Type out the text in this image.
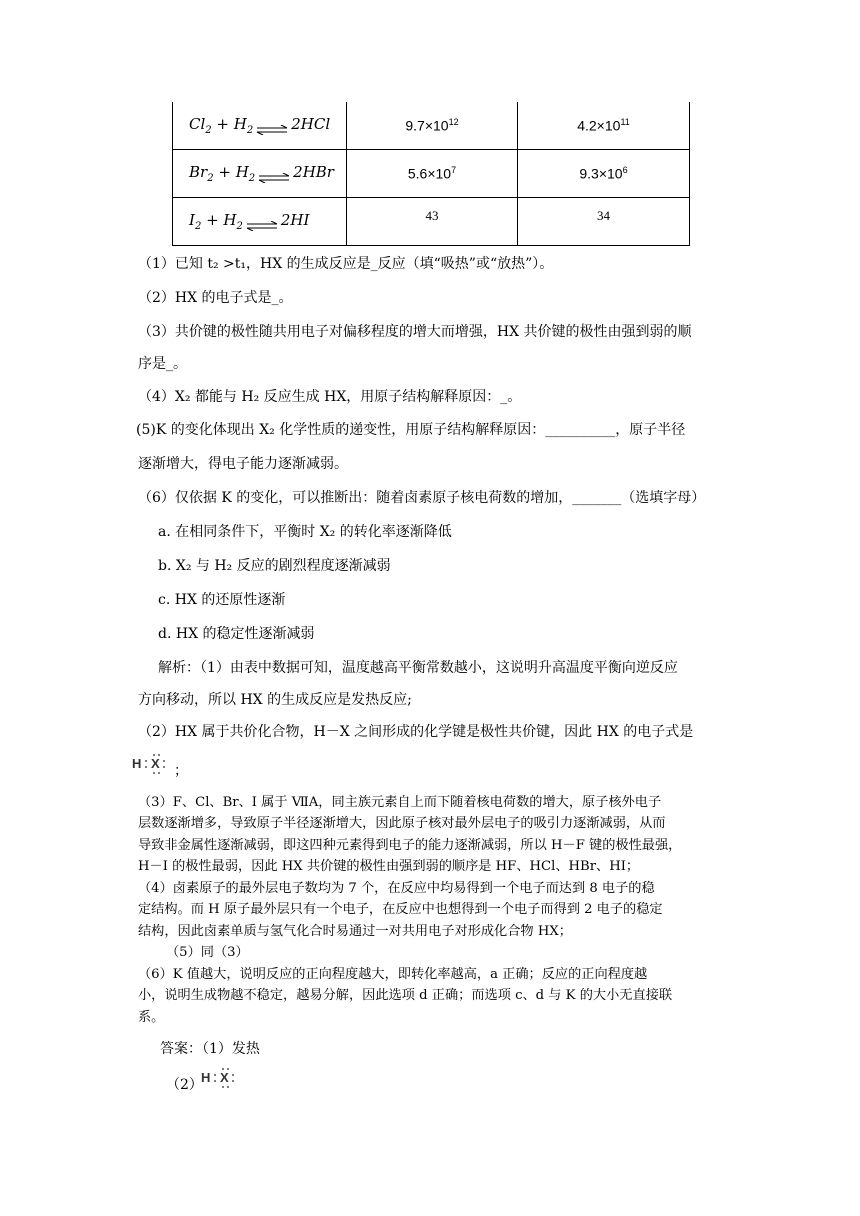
$Cl_2 + H_2$ ⇌ 2HCl	$9.7\times 10^{12}$	$4.2\times 10^{11}$
$Br_2 + H_2$ ⇌ 2HBr	$5.6\times 10^7$	$9.3\times 10^6$
$I_2 + H_2$ ⇌ 2HI	43	34
（1）已知 t₂ >t₁，HX 的生成反应是_反应（填“吸热”或“放热”）。
（2）HX 的电子式是_。
（3）共价键的极性随共用电子对偏移程度的增大而增强，HX 共价键的极性由强到弱的顺
序是_。
（4）X₂ 都能与 H₂ 反应生成 HX，用原子结构解释原因：_。
(5)K 的变化体现出 X₂ 化学性质的递变性，用原子结构解释原因：__________，原子半径
逐渐增大，得电子能力逐渐减弱。
（6）仅依据 K 的变化，可以推断出：随着卤素原子核电荷数的增加，_______（选填字母）
a. 在相同条件下，平衡时 X₂ 的转化率逐渐降低
b. X₂ 与 H₂ 反应的剧烈程度逐渐减弱
c. HX 的还原性逐渐
d. HX 的稳定性逐渐减弱
解析：（1）由表中数据可知，温度越高平衡常数越小，这说明升高温度平衡向逆反应
方向移动，所以 HX 的生成反应是发热反应;
（2）HX 属于共价化合物，H－X 之间形成的化学键是极性共价键，因此 HX 的电子式是
H X ；
（3）F、Cl、Br、I 属于 ⅦA，同主族元素自上而下随着核电荷数的增大，原子核外电子
层数逐渐增多，导致原子半径逐渐增大，因此原子核对最外层电子的吸引力逐渐减弱，从而
导致非金属性逐渐减弱，即这四种元素得到电子的能力逐渐减弱，所以 H－F 键的极性最强，
H－I 的极性最弱，因此 HX 共价键的极性由强到弱的顺序是 HF、HCl、HBr、HI；
（4）卤素原子的最外层电子数均为 7 个，在反应中均易得到一个电子而达到 8 电子的稳
定结构。而 H 原子最外层只有一个电子，在反应中也想得到一个电子而得到 2 电子的稳定
结构，因此卤素单质与氢气化合时易通过一对共用电子对形成化合物 HX；
（5）同（3）
（6）K 值越大，说明反应的正向程度越大，即转化率越高，a 正确；反应的正向程度越
小，说明生成物越不稳定，越易分解，因此选项 d 正确；而选项 c、d 与 K 的大小无直接联
系。
答案：（1）发热
（2）
H X
